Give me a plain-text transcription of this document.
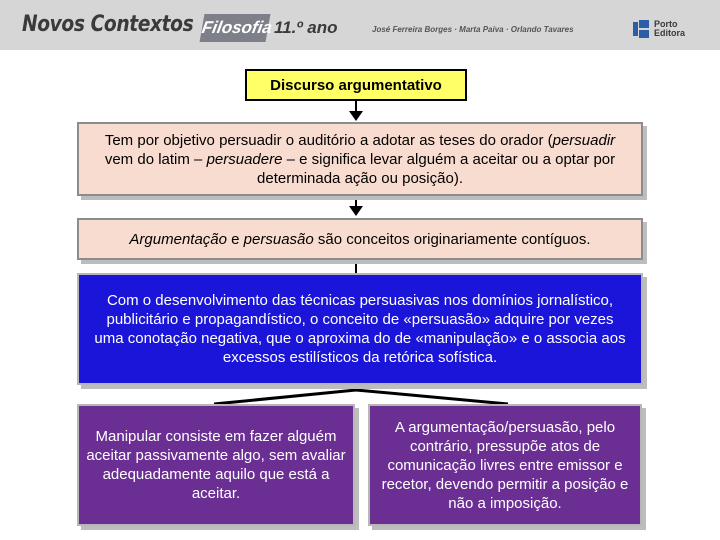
Novos Contextos Filosofia 11.º ano	José Ferreira Borges · Marta Paiva · Orlando Tavares
Porto
Editora
Discurso argumentativo
Tem por objetivo persuadir o auditório a adotar as teses do orador (persuadir vem do latim – persuadere – e significa levar alguém a aceitar ou a optar por determinada ação ou posição).
Argumentação e persuasão são conceitos originariamente contíguos.
Com o desenvolvimento das técnicas persuasivas nos domínios jornalístico, publicitário e propagandístico, o conceito de «persuasão» adquire por vezes uma conotação negativa, que o aproxima do de «manipulação» e o associa aos excessos estilísticos da retórica sofística.
Manipular consiste em fazer alguém aceitar passivamente algo, sem avaliar adequadamente aquilo que está a aceitar.
A argumentação/persuasão, pelo contrário, pressupõe atos de comunicação livres entre emissor e recetor, devendo permitir a posição e não a imposição.
